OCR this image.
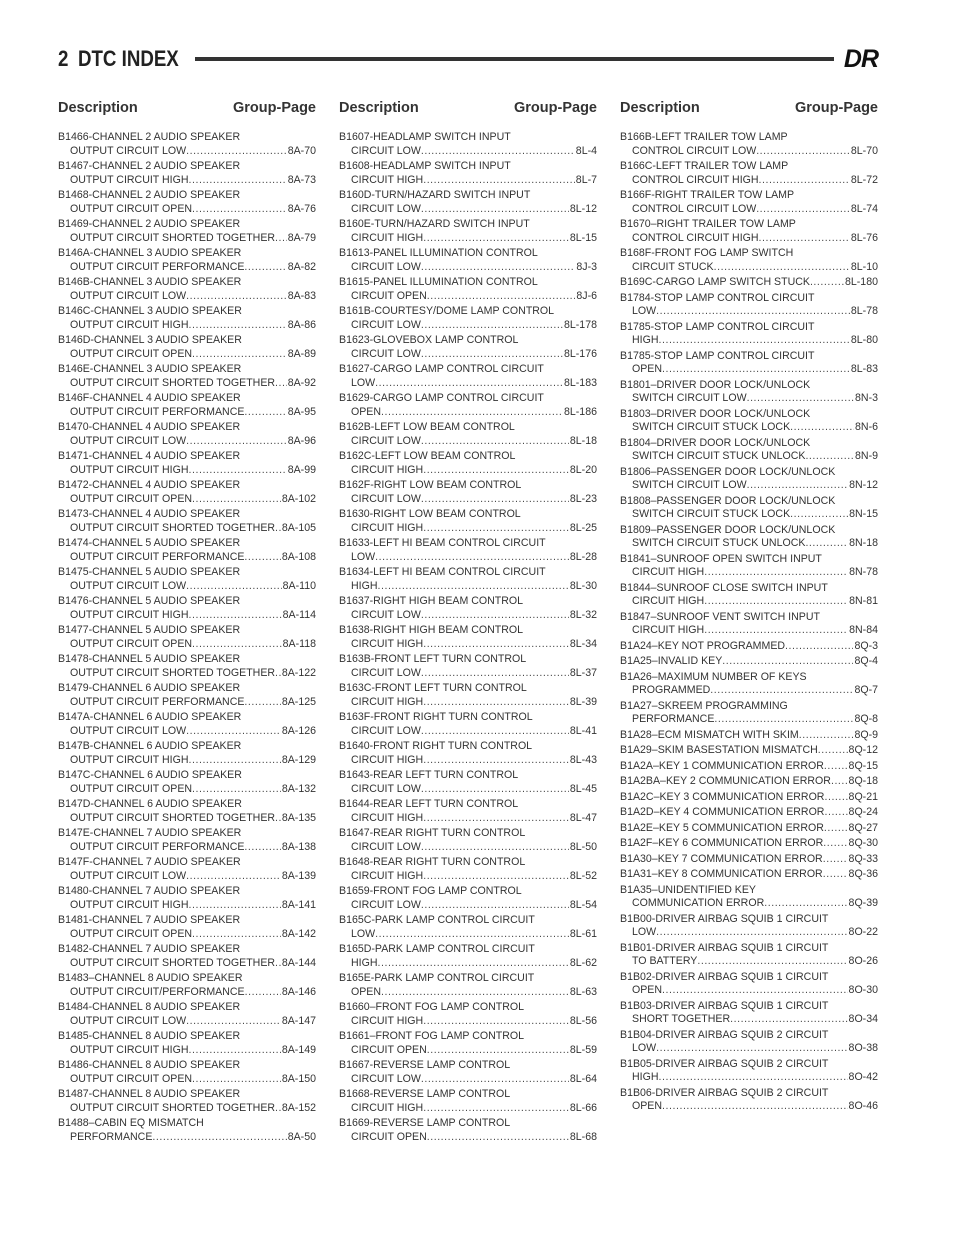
2 DTC INDEX	DR
Description	Group-Page
B1466-CHANNEL 2 AUDIO SPEAKER
OUTPUT CIRCUIT LOW . . .	8A-70
B1467-CHANNEL 2 AUDIO SPEAKER
OUTPUT CIRCUIT HIGH . . .	8A-73
B1468-CHANNEL 2 AUDIO SPEAKER
OUTPUT CIRCUIT OPEN . . .	8A-76
B1469-CHANNEL 2 AUDIO SPEAKER
OUTPUT CIRCUIT SHORTED TOGETHER . . . 8A-79
B146A-CHANNEL 3 AUDIO SPEAKER
OUTPUT CIRCUIT PERFORMANCE . . .	8A-82
B146B-CHANNEL 3 AUDIO SPEAKER
OUTPUT CIRCUIT LOW . . .	8A-83
B146C-CHANNEL 3 AUDIO SPEAKER
OUTPUT CIRCUIT HIGH . . .	8A-86
B146D-CHANNEL 3 AUDIO SPEAKER
OUTPUT CIRCUIT OPEN . . .	8A-89
B146E-CHANNEL 3 AUDIO SPEAKER
OUTPUT CIRCUIT SHORTED TOGETHER . . . 8A-92
B146F-CHANNEL 4 AUDIO SPEAKER
OUTPUT CIRCUIT PERFORMANCE . . .	8A-95
B1470-CHANNEL 4 AUDIO SPEAKER
OUTPUT CIRCUIT LOW . . .	8A-96
B1471-CHANNEL 4 AUDIO SPEAKER
OUTPUT CIRCUIT HIGH . . .	8A-99
B1472-CHANNEL 4 AUDIO SPEAKER
OUTPUT CIRCUIT OPEN . . .	8A-102
B1473-CHANNEL 4 AUDIO SPEAKER
OUTPUT CIRCUIT SHORTED TOGETHER . . . 8A-105
B1474-CHANNEL 5 AUDIO SPEAKER
OUTPUT CIRCUIT PERFORMANCE . . .	8A-108
B1475-CHANNEL 5 AUDIO SPEAKER
OUTPUT CIRCUIT LOW . . .	8A-110
B1476-CHANNEL 5 AUDIO SPEAKER
OUTPUT CIRCUIT HIGH . . .	8A-114
B1477-CHANNEL 5 AUDIO SPEAKER
OUTPUT CIRCUIT OPEN . . .	8A-118
B1478-CHANNEL 5 AUDIO SPEAKER
OUTPUT CIRCUIT SHORTED TOGETHER . . . 8A-122
B1479-CHANNEL 6 AUDIO SPEAKER
OUTPUT CIRCUIT PERFORMANCE . . .	8A-125
B147A-CHANNEL 6 AUDIO SPEAKER
OUTPUT CIRCUIT LOW . . .	8A-126
B147B-CHANNEL 6 AUDIO SPEAKER
OUTPUT CIRCUIT HIGH . . .	8A-129
B147C-CHANNEL 6 AUDIO SPEAKER
OUTPUT CIRCUIT OPEN . . .	8A-132
B147D-CHANNEL 6 AUDIO SPEAKER
OUTPUT CIRCUIT SHORTED TOGETHER . . . 8A-135
B147E-CHANNEL 7 AUDIO SPEAKER
OUTPUT CIRCUIT PERFORMANCE . . .	8A-138
B147F-CHANNEL 7 AUDIO SPEAKER
OUTPUT CIRCUIT LOW . . .	8A-139
B1480-CHANNEL 7 AUDIO SPEAKER
OUTPUT CIRCUIT HIGH . . .	8A-141
B1481-CHANNEL 7 AUDIO SPEAKER
OUTPUT CIRCUIT OPEN . . .	8A-142
B1482-CHANNEL 7 AUDIO SPEAKER
OUTPUT CIRCUIT SHORTED TOGETHER . . . 8A-144
B1483–CHANNEL 8 AUDIO SPEAKER
OUTPUT CIRCUIT/PERFORMANCE . . .	8A-146
B1484-CHANNEL 8 AUDIO SPEAKER
OUTPUT CIRCUIT LOW . . .	8A-147
B1485-CHANNEL 8 AUDIO SPEAKER
OUTPUT CIRCUIT HIGH . . .	8A-149
B1486-CHANNEL 8 AUDIO SPEAKER
OUTPUT CIRCUIT OPEN . . .	8A-150
B1487-CHANNEL 8 AUDIO SPEAKER
OUTPUT CIRCUIT SHORTED TOGETHER . . . 8A-152
B1488–CABIN EQ MISMATCH
PERFORMANCE . . .	8A-50
Description	Group-Page
B1607-HEADLAMP SWITCH INPUT
CIRCUIT LOW . . .	8L-4
B1608-HEADLAMP SWITCH INPUT
CIRCUIT HIGH . . .	8L-7
B160D-TURN/HAZARD SWITCH INPUT
CIRCUIT LOW . . .	8L-12
B160E-TURN/HAZARD SWITCH INPUT
CIRCUIT HIGH . . .	8L-15
B1613-PANEL ILLUMINATION CONTROL
CIRCUIT LOW . . .	8J-3
B1615-PANEL ILLUMINATION CONTROL
CIRCUIT OPEN . . .	8J-6
B161B-COURTESY/DOME LAMP CONTROL
CIRCUIT LOW . . .	8L-178
B1623-GLOVEBOX LAMP CONTROL
CIRCUIT LOW . . .	8L-176
B1627-CARGO LAMP CONTROL CIRCUIT
LOW . . .	8L-183
B1629-CARGO LAMP CONTROL CIRCUIT
OPEN . . .	8L-186
B162B-LEFT LOW BEAM CONTROL
CIRCUIT LOW . . .	8L-18
B162C-LEFT LOW BEAM CONTROL
CIRCUIT HIGH . . .	8L-20
B162F-RIGHT LOW BEAM CONTROL
CIRCUIT LOW . . .	8L-23
B1630-RIGHT LOW BEAM CONTROL
CIRCUIT HIGH . . .	8L-25
B1633-LEFT HI BEAM CONTROL CIRCUIT
LOW . . .	8L-28
B1634-LEFT HI BEAM CONTROL CIRCUIT
HIGH . . .	8L-30
B1637-RIGHT HIGH BEAM CONTROL
CIRCUIT LOW . . .	8L-32
B1638-RIGHT HIGH BEAM CONTROL
CIRCUIT HIGH . . .	8L-34
B163B-FRONT LEFT TURN CONTROL
CIRCUIT LOW . . .	8L-37
B163C-FRONT LEFT TURN CONTROL
CIRCUIT HIGH . . .	8L-39
B163F-FRONT RIGHT TURN CONTROL
CIRCUIT LOW . . .	8L-41
B1640-FRONT RIGHT TURN CONTROL
CIRCUIT HIGH . . .	8L-43
B1643-REAR LEFT TURN CONTROL
CIRCUIT LOW . . .	8L-45
B1644-REAR LEFT TURN CONTROL
CIRCUIT HIGH . . .	8L-47
B1647-REAR RIGHT TURN CONTROL
CIRCUIT LOW . . .	8L-50
B1648-REAR RIGHT TURN CONTROL
CIRCUIT HIGH . . .	8L-52
B1659-FRONT FOG LAMP CONTROL
CIRCUIT LOW . . .	8L-54
B165C-PARK LAMP CONTROL CIRCUIT
LOW . . .	8L-61
B165D-PARK LAMP CONTROL CIRCUIT
HIGH . . .	8L-62
B165E-PARK LAMP CONTROL CIRCUIT
OPEN . . .	8L-63
B1660–FRONT FOG LAMP CONTROL
CIRCUIT HIGH . . .	8L-56
B1661–FRONT FOG LAMP CONTROL
CIRCUIT OPEN . . .	8L-59
B1667-REVERSE LAMP CONTROL
CIRCUIT LOW . . .	8L-64
B1668-REVERSE LAMP CONTROL
CIRCUIT HIGH . . .	8L-66
B1669-REVERSE LAMP CONTROL
CIRCUIT OPEN . . .	8L-68
Description	Group-Page
B166B-LEFT TRAILER TOW LAMP
CONTROL CIRCUIT LOW . . .	8L-70
B166C-LEFT TRAILER TOW LAMP
CONTROL CIRCUIT HIGH . . .	8L-72
B166F-RIGHT TRAILER TOW LAMP
CONTROL CIRCUIT LOW . . .	8L-74
B1670–RIGHT TRAILER TOW LAMP
CONTROL CIRCUIT HIGH . . .	8L-76
B168F-FRONT FOG LAMP SWITCH
CIRCUIT STUCK . . .	8L-10
B169C-CARGO LAMP SWITCH STUCK . . .	8L-180
B1784-STOP LAMP CONTROL CIRCUIT
LOW . . .	8L-78
B1785-STOP LAMP CONTROL CIRCUIT
HIGH . . .	8L-80
B1785-STOP LAMP CONTROL CIRCUIT
OPEN . . .	8L-83
B1801–DRIVER DOOR LOCK/UNLOCK
SWITCH CIRCUIT LOW . . .	8N-3
B1803–DRIVER DOOR LOCK/UNLOCK
SWITCH CIRCUIT STUCK LOCK . . .	8N-6
B1804–DRIVER DOOR LOCK/UNLOCK
SWITCH CIRCUIT STUCK UNLOCK . . .	8N-9
B1806–PASSENGER DOOR LOCK/UNLOCK
SWITCH CIRCUIT LOW . . .	8N-12
B1808–PASSENGER DOOR LOCK/UNLOCK
SWITCH CIRCUIT STUCK LOCK . . .	8N-15
B1809–PASSENGER DOOR LOCK/UNLOCK
SWITCH CIRCUIT STUCK UNLOCK . . .	8N-18
B1841–SUNROOF OPEN SWITCH INPUT
CIRCUIT HIGH . . .	8N-78
B1844–SUNROOF CLOSE SWITCH INPUT
CIRCUIT HIGH . . .	8N-81
B1847–SUNROOF VENT SWITCH INPUT
CIRCUIT HIGH . . .	8N-84
B1A24–KEY NOT PROGRAMMED . . .	8Q-3
B1A25–INVALID KEY . . .	8Q-4
B1A26–MAXIMUM NUMBER OF KEYS
PROGRAMMED . . .	8Q-7
B1A27–SKREEM PROGRAMMING
PERFORMANCE . . .	8Q-8
B1A28–ECM MISMATCH WITH SKIM . . .	8Q-9
B1A29–SKIM BASESTATION MISMATCH . . .	8Q-12
B1A2A–KEY 1 COMMUNICATION ERROR . . . 8Q-15
B1A2BA–KEY 2 COMMUNICATION ERROR . . . 8Q-18
B1A2C–KEY 3 COMMUNICATION ERROR . . . 8Q-21
B1A2D–KEY 4 COMMUNICATION ERROR . . . 8Q-24
B1A2E–KEY 5 COMMUNICATION ERROR . . . 8Q-27
B1A2F–KEY 6 COMMUNICATION ERROR . . . 8Q-30
B1A30–KEY 7 COMMUNICATION ERROR . . . 8Q-33
B1A31–KEY 8 COMMUNICATION ERROR . . . 8Q-36
B1A35–UNIDENTIFIED KEY
COMMUNICATION ERROR . . .	8Q-39
B1B00-DRIVER AIRBAG SQUIB 1 CIRCUIT
LOW . . .	8O-22
B1B01-DRIVER AIRBAG SQUIB 1 CIRCUIT
TO BATTERY . . .	8O-26
B1B02-DRIVER AIRBAG SQUIB 1 CIRCUIT
OPEN . . .	8O-30
B1B03-DRIVER AIRBAG SQUIB 1 CIRCUIT
SHORT TOGETHER . . .	8O-34
B1B04-DRIVER AIRBAG SQUIB 2 CIRCUIT
LOW . . .	8O-38
B1B05-DRIVER AIRBAG SQUIB 2 CIRCUIT
HIGH . . .	8O-42
B1B06-DRIVER AIRBAG SQUIB 2 CIRCUIT
OPEN . . .	8O-46
